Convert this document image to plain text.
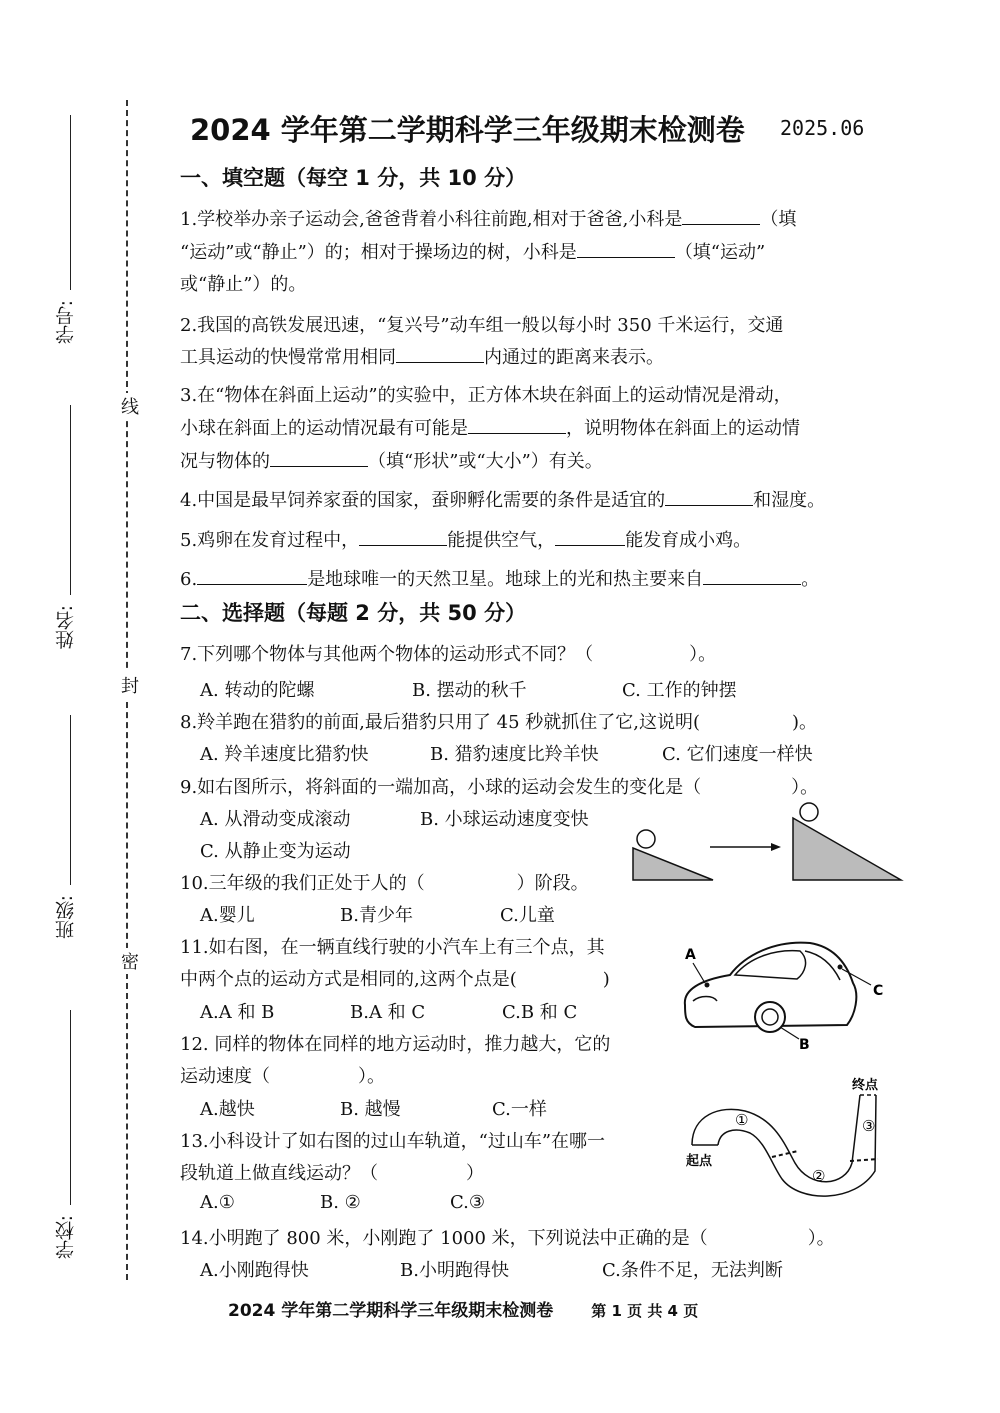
学号:
姓名:
班级:
学校:
线
封
密
2024 学年第二学期科学三年级期末检测卷 2025.06
一、填空题（每空 1 分，共 10 分）
1.学校举办亲子运动会,爸爸背着小科往前跑,相对于爸爸,小科是	（填
“运动”或“静止”）的；相对于操场边的树，小科是	（填“运动”
或“静止”）的。
2.我国的高铁发展迅速，“复兴号”动车组一般以每小时 350 千米运行，交通
工具运动的快慢常常用相同	内通过的距离来表示。
3.在“物体在斜面上运动”的实验中，正方体木块在斜面上的运动情况是滑动，
小球在斜面上的运动情况最有可能是	，说明物体在斜面上的运动情
况与物体的	（填“形状”或“大小”）有关。
4.中国是最早饲养家蚕的国家，蚕卵孵化需要的条件是适宜的	和湿度。
5.鸡卵在发育过程中，	能提供空气，	能发育成小鸡。
6.	是地球唯一的天然卫星。地球上的光和热主要来自	。
二、选择题（每题 2 分，共 50 分）
7.下列哪个物体与其他两个物体的运动形式不同？（	）。
A. 转动的陀螺	B. 摆动的秋千	C. 工作的钟摆
8.羚羊跑在猎豹的前面,最后猎豹只用了 45 秒就抓住了它,这说明(	)。
A. 羚羊速度比猎豹快	B. 猎豹速度比羚羊快	C. 它们速度一样快
9.如右图所示，将斜面的一端加高，小球的运动会发生的变化是（	）。
A. 从滑动变成滚动	B. 小球运动速度变快
C. 从静止变为运动
10.三年级的我们正处于人的（	）阶段。
A.婴儿	B.青少年	C.儿童
11.如右图，在一辆直线行驶的小汽车上有三个点，其
中两个点的运动方式是相同的,这两个点是(	)
A.A 和 B	B.A 和 C	C.B 和 C
A
C
B
12. 同样的物体在同样的地方运动时，推力越大，它的
运动速度（	）。
A.越快	B. 越慢	C.一样
13.小科设计了如右图的过山车轨道，“过山车”在哪一
段轨道上做直线运动？（	）
A.①	B. ②	C.③
①
②
③
起点
终点
14.小明跑了 800 米，小刚跑了 1000 米，下列说法中正确的是（	）。
A.小刚跑得快	B.小明跑得快	C.条件不足，无法判断
2024 学年第二学期科学三年级期末检测卷	第 1 页 共 4 页
